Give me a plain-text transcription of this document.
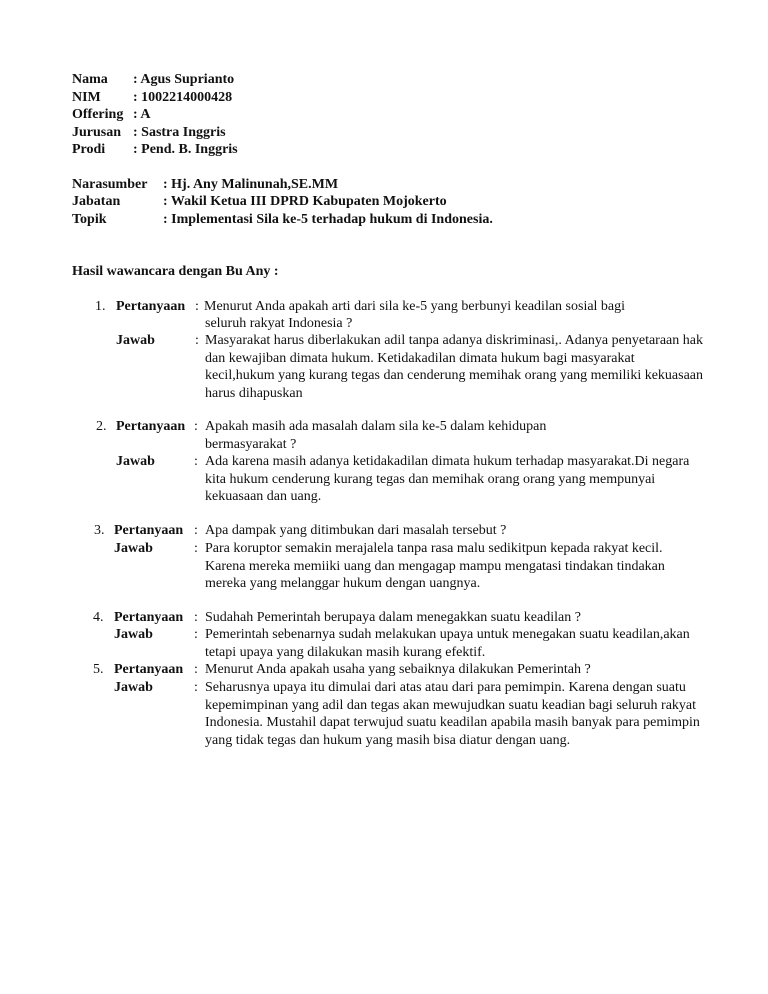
Nama : Agus Suprianto
NIM : 1002214000428
Offering : A
Jurusan : Sastra Inggris
Prodi : Pend. B. Inggris
Narasumber : Hj. Any Malinunah,SE.MM
Jabatan	: Wakil Ketua III DPRD Kabupaten Mojokerto
Topik	: Implementasi Sila ke-5 terhadap hukum di Indonesia.
Hasil wawancara dengan Bu Any :
1. Pertanyaan : Menurut Anda apakah arti dari sila ke-5 yang berbunyi keadilan sosial bagi
seluruh rakyat Indonesia ?
Jawab	: Masyarakat harus diberlakukan adil tanpa adanya diskriminasi,. Adanya penyetaraan hak dan kewajiban dimata hukum. Ketidakadilan dimata hukum bagi masyarakat kecil,hukum yang kurang tegas dan cenderung memihak orang yang memiliki kekuasaan harus dihapuskan
2. Pertanyaan : Apakah masih ada masalah dalam sila ke-5 dalam kehidupan
bermasyarakat ?
Jawab	: Ada karena masih adanya ketidakadilan dimata hukum terhadap masyarakat.Di negara kita hukum cenderung kurang tegas dan memihak orang orang yang mempunyai kekuasaan dan uang.
3. Pertanyaan : Apa dampak yang ditimbukan dari masalah tersebut ?
Jawab	: Para koruptor semakin merajalela tanpa rasa malu sedikitpun kepada rakyat kecil. Karena mereka memiiki uang dan mengagap mampu mengatasi tindakan tindakan mereka yang melanggar hukum dengan uangnya.
4. Pertanyaan : Sudahah Pemerintah berupaya dalam menegakkan suatu keadilan ?
Jawab	: Pemerintah sebenarnya sudah melakukan upaya untuk menegakan suatu keadilan,akan tetapi upaya yang dilakukan masih kurang efektif.
5. Pertanyaan : Menurut Anda apakah usaha yang sebaiknya dilakukan Pemerintah ?
Jawab	: Seharusnya upaya itu dimulai dari atas atau dari para pemimpin. Karena dengan suatu kepemimpinan yang adil dan tegas akan mewujudkan suatu keadian bagi seluruh rakyat Indonesia. Mustahil dapat terwujud suatu keadilan apabila masih banyak para pemimpin yang tidak tegas dan hukum yang masih bisa diatur dengan uang.
